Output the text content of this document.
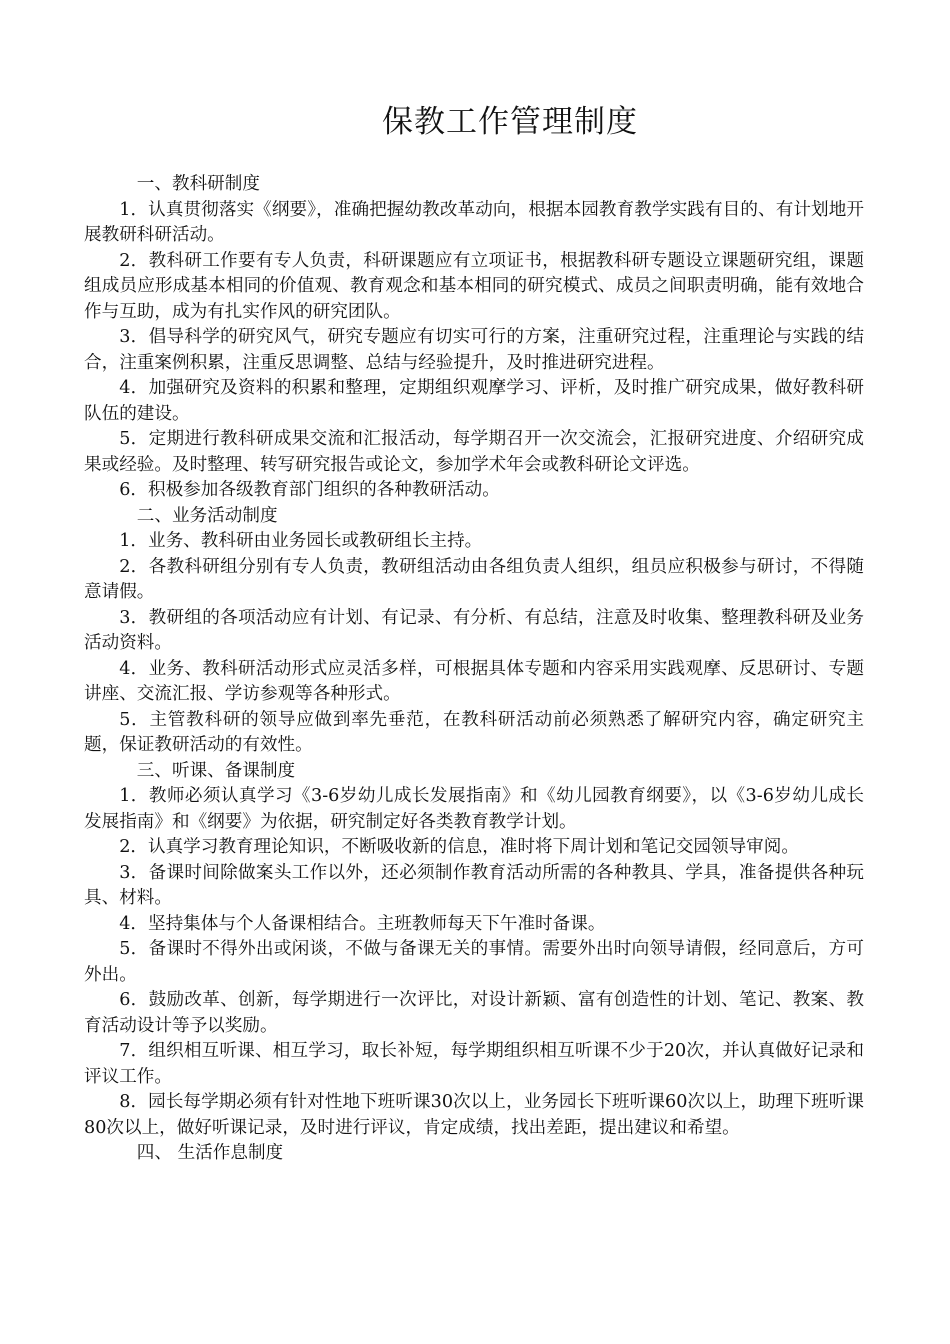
保教工作管理制度

一、教科研制度

1．认真贯彻落实《纲要》，准确把握幼教改革动向，根据本园教育教学实践有目的、有计划地开展教研科研活动。

2．教科研工作要有专人负责，科研课题应有立项证书，根据教科研专题设立课题研究组，课题组成员应形成基本相同的价值观、教育观念和基本相同的研究模式、成员之间职责明确，能有效地合作与互助，成为有扎实作风的研究团队。

3．倡导科学的研究风气，研究专题应有切实可行的方案，注重研究过程，注重理论与实践的结合，注重案例积累，注重反思调整、总结与经验提升，及时推进研究进程。

4．加强研究及资料的积累和整理，定期组织观摩学习、评析，及时推广研究成果，做好教科研队伍的建设。

5．定期进行教科研成果交流和汇报活动，每学期召开一次交流会，汇报研究进度、介绍研究成果或经验。及时整理、转写研究报告或论文，参加学术年会或教科研论文评选。

6．积极参加各级教育部门组织的各种教研活动。

二、业务活动制度

1．业务、教科研由业务园长或教研组长主持。

2．各教科研组分别有专人负责，教研组活动由各组负责人组织，组员应积极参与研讨，不得随意请假。

3．教研组的各项活动应有计划、有记录、有分析、有总结，注意及时收集、整理教科研及业务活动资料。

4．业务、教科研活动形式应灵活多样，可根据具体专题和内容采用实践观摩、反思研讨、专题讲座、交流汇报、学访参观等各种形式。

5．主管教科研的领导应做到率先垂范，在教科研活动前必须熟悉了解研究内容，确定研究主题，保证教研活动的有效性。

三、听课、备课制度

1．教师必须认真学习《3-6岁幼儿成长发展指南》和《幼儿园教育纲要》，以《3-6岁幼儿成长发展指南》和《纲要》为依据，研究制定好各类教育教学计划。

2．认真学习教育理论知识，不断吸收新的信息，准时将下周计划和笔记交园领导审阅。

3．备课时间除做案头工作以外，还必须制作教育活动所需的各种教具、学具，准备提供各种玩具、材料。

4．坚持集体与个人备课相结合。主班教师每天下午准时备课。

5．备课时不得外出或闲谈，不做与备课无关的事情。需要外出时向领导请假，经同意后，方可外出。

6．鼓励改革、创新，每学期进行一次评比，对设计新颖、富有创造性的计划、笔记、教案、教育活动设计等予以奖励。

7．组织相互听课、相互学习，取长补短，每学期组织相互听课不少于20次，并认真做好记录和评议工作。

8．园长每学期必须有针对性地下班听课30次以上，业务园长下班听课60次以上，助理下班听课80次以上，做好听课记录，及时进行评议，肯定成绩，找出差距，提出建议和希望。

四、 生活作息制度
